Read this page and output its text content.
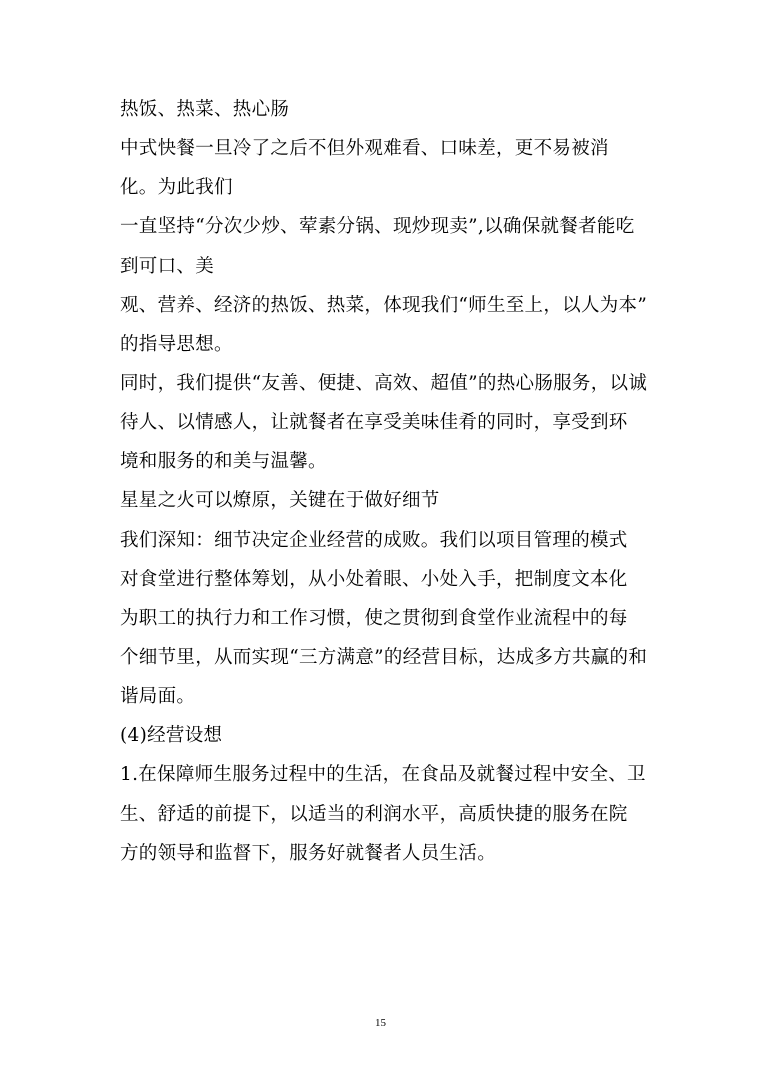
热饭、热菜、热心肠
中式快餐一旦冷了之后不但外观难看、口味差，更不易被消
化。为此我们
一直坚持“分次少炒、荤素分锅、现炒现卖”,以确保就餐者能吃
到可口、美
观、营养、经济的热饭、热菜，体现我们“师生至上，以人为本”
的指导思想。
同时，我们提供“友善、便捷、高效、超值”的热心肠服务，以诚
待人、以情感人，让就餐者在享受美味佳肴的同时，享受到环
境和服务的和美与温馨。
星星之火可以燎原，关键在于做好细节
我们深知：细节决定企业经营的成败。我们以项目管理的模式
对食堂进行整体筹划，从小处着眼、小处入手，把制度文本化
为职工的执行力和工作习惯，使之贯彻到食堂作业流程中的每
个细节里，从而实现“三方满意”的经营目标，达成多方共赢的和
谐局面。
(4)经营设想
1.在保障师生服务过程中的生活，在食品及就餐过程中安全、卫
生、舒适的前提下，以适当的利润水平，高质快捷的服务在院
方的领导和监督下，服务好就餐者人员生活。
15
